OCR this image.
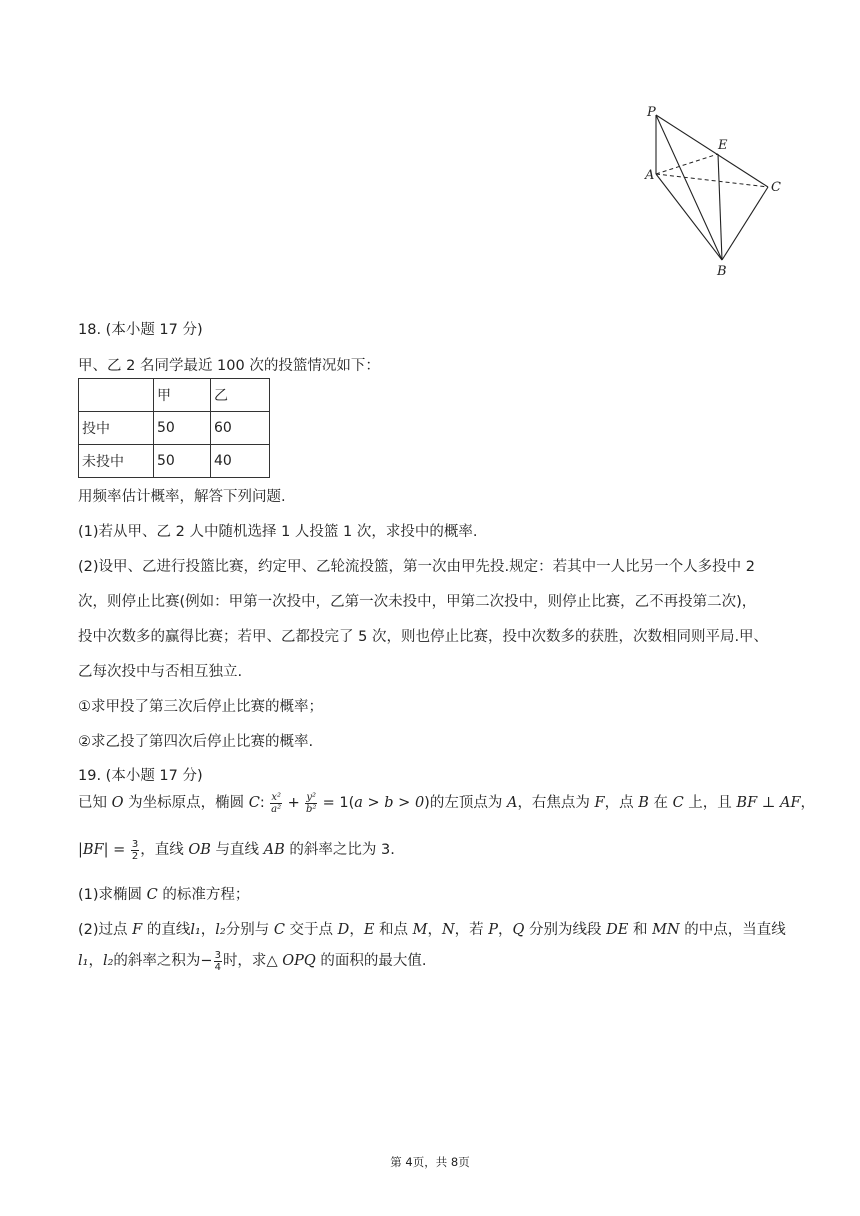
P
E
A
C
B
18. (本小题 17 分)
甲、乙 2 名同学最近 100 次的投篮情况如下：
	甲	乙
投中	50	60
未投中	50	40
用频率估计概率，解答下列问题.
(1)若从甲、乙 2 人中随机选择 1 人投篮 1 次，求投中的概率.
(2)设甲、乙进行投篮比赛，约定甲、乙轮流投篮，第一次由甲先投.规定：若其中一人比另一个人多投中 2
次，则停止比赛(例如：甲第一次投中，乙第一次未投中，甲第二次投中，则停止比赛，乙不再投第二次)，
投中次数多的赢得比赛；若甲、乙都投完了 5 次，则也停止比赛，投中次数多的获胜，次数相同则平局.甲、
乙每次投中与否相互独立.
①求甲投了第三次后停止比赛的概率；
②求乙投了第四次后停止比赛的概率.
19. (本小题 17 分)
已知 O 为坐标原点，椭圆 C: $\frac{\text{x²}}{\text{a²}} + \frac{\text{y²}}{\text{b²}} = 1(a > b > 0)$的左顶点为 A，右焦点为 F，点 B 在 C 上，且 BF ⊥ AF，
$|BF| = \frac{3}{2}$ ，直线 OB 与直线 AB 的斜率之比为 3.
(1)求椭圆 C 的标准方程；
(2)过点 F 的直线l₁，l₂分别与 C 交于点 D，E 和点 M，N，若 P，Q 分别为线段 DE 和 MN 的中点，当直线
l₁，l₂的斜率之积为− $\frac{3}{4}$ 时，求△ OPQ 的面积的最大值.
第 4页，共 8页
